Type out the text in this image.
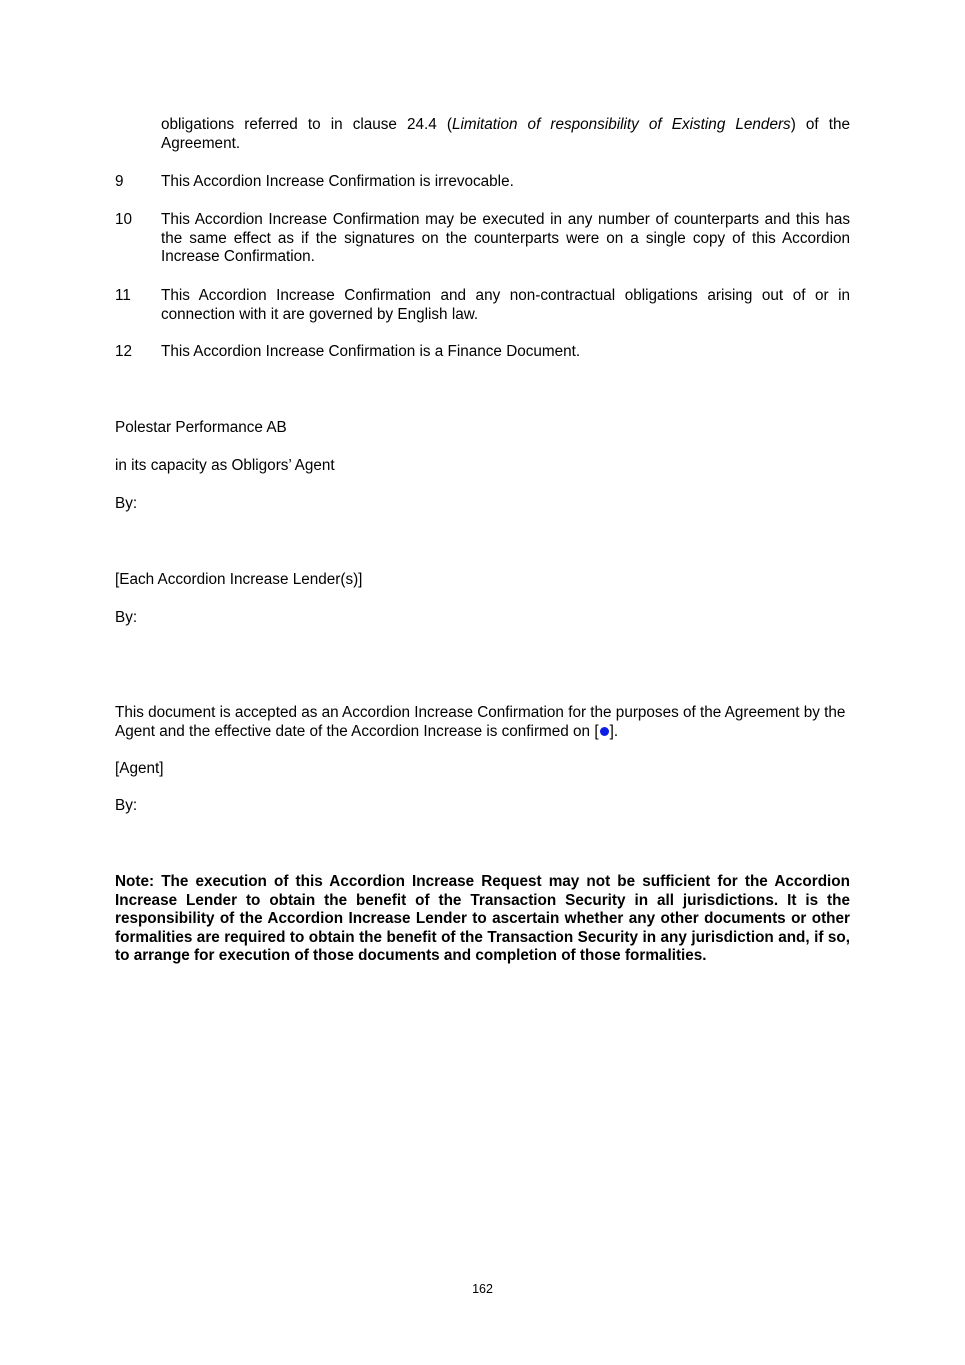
obligations referred to in clause 24.4 (Limitation of responsibility of Existing Lenders) of the Agreement.
9 This Accordion Increase Confirmation is irrevocable.
10 This Accordion Increase Confirmation may be executed in any number of counterparts and this has the same effect as if the signatures on the counterparts were on a single copy of this Accordion Increase Confirmation.
11 This Accordion Increase Confirmation and any non-contractual obligations arising out of or in connection with it are governed by English law.
12 This Accordion Increase Confirmation is a Finance Document.
Polestar Performance AB
in its capacity as Obligors’ Agent
By:
[Each Accordion Increase Lender(s)]
By:
This document is accepted as an Accordion Increase Confirmation for the purposes of the Agreement by the Agent and the effective date of the Accordion Increase is confirmed on [ ].
[Agent]
By:
Note: The execution of this Accordion Increase Request may not be sufficient for the Accordion Increase Lender to obtain the benefit of the Transaction Security in all jurisdictions. It is the responsibility of the Accordion Increase Lender to ascertain whether any other documents or other formalities are required to obtain the benefit of the Transaction Security in any jurisdiction and, if so, to arrange for execution of those documents and completion of those formalities.
162
